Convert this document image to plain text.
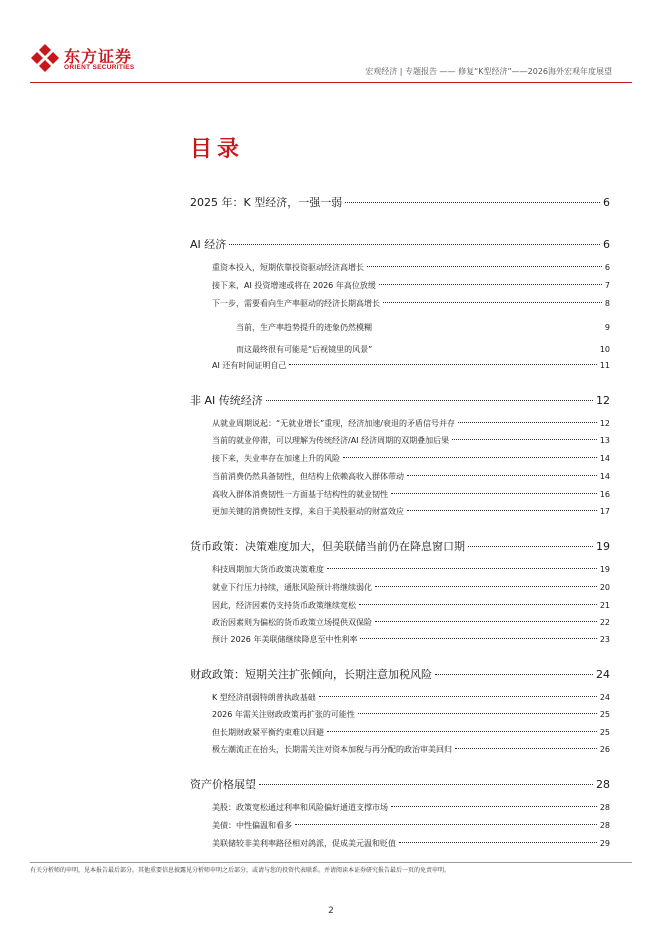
东方证券
ORIENT SECURITIES	宏观经济 | 专题报告 —— 修复“K型经济”——2026海外宏观年度展望
目录
2025 年：K 型经济，一强一弱	6
AI 经济	6
重资本投入，短期依靠投资驱动经济高增长	6
接下来，AI 投资增速或将在 2026 年高位放缓	7
下一步，需要看向生产率驱动的经济长期高增长	8
当前，生产率趋势提升的迹象仍然模糊	9
而这最终很有可能是“后视镜里的风景”	10
AI 还有时间证明自己	11
非 AI 传统经济	12
从就业周期说起：“无就业增长”重现，经济加速/衰退的矛盾信号并存	12
当前的就业停滞，可以理解为传统经济/AI 经济周期的双期叠加后果	13
接下来，失业率存在加速上升的风险	14
当前消费仍然具备韧性，但结构上依赖高收入群体带动	14
高收入群体消费韧性一方面基于结构性的就业韧性	16
更加关键的消费韧性支撑，来自于美股驱动的财富效应	17
货币政策：决策难度加大，但美联储当前仍在降息窗口期	19
科技周期加大货币政策决策难度	19
就业下行压力持续，通胀风险预计将继续弱化	20
因此，经济因素仍支持货币政策继续宽松	21
政治因素则为偏松的货币政策立场提供双保险	22
预计 2026 年美联储继续降息至中性利率	23
财政政策：短期关注扩张倾向，长期注意加税风险	24
K 型经济削弱特朗普执政基础	24
2026 年需关注财政政策再扩张的可能性	25
但长期财政紧平衡约束难以回避	25
极左潮流正在抬头，长期需关注对资本加税与再分配的政治审美回归	26
资产价格展望	28
美股：政策宽松通过利率和风险偏好通道支撑市场	28
美债：中性偏温和看多	28
美联储较非美利率路径相对鸽派，促成美元温和贬值	29
有关分析师的申明，见本报告最后部分。其他重要信息披露见分析师申明之后部分，或请与您的投资代表联系。并请阅读本证券研究报告最后一页的免责申明。
2
